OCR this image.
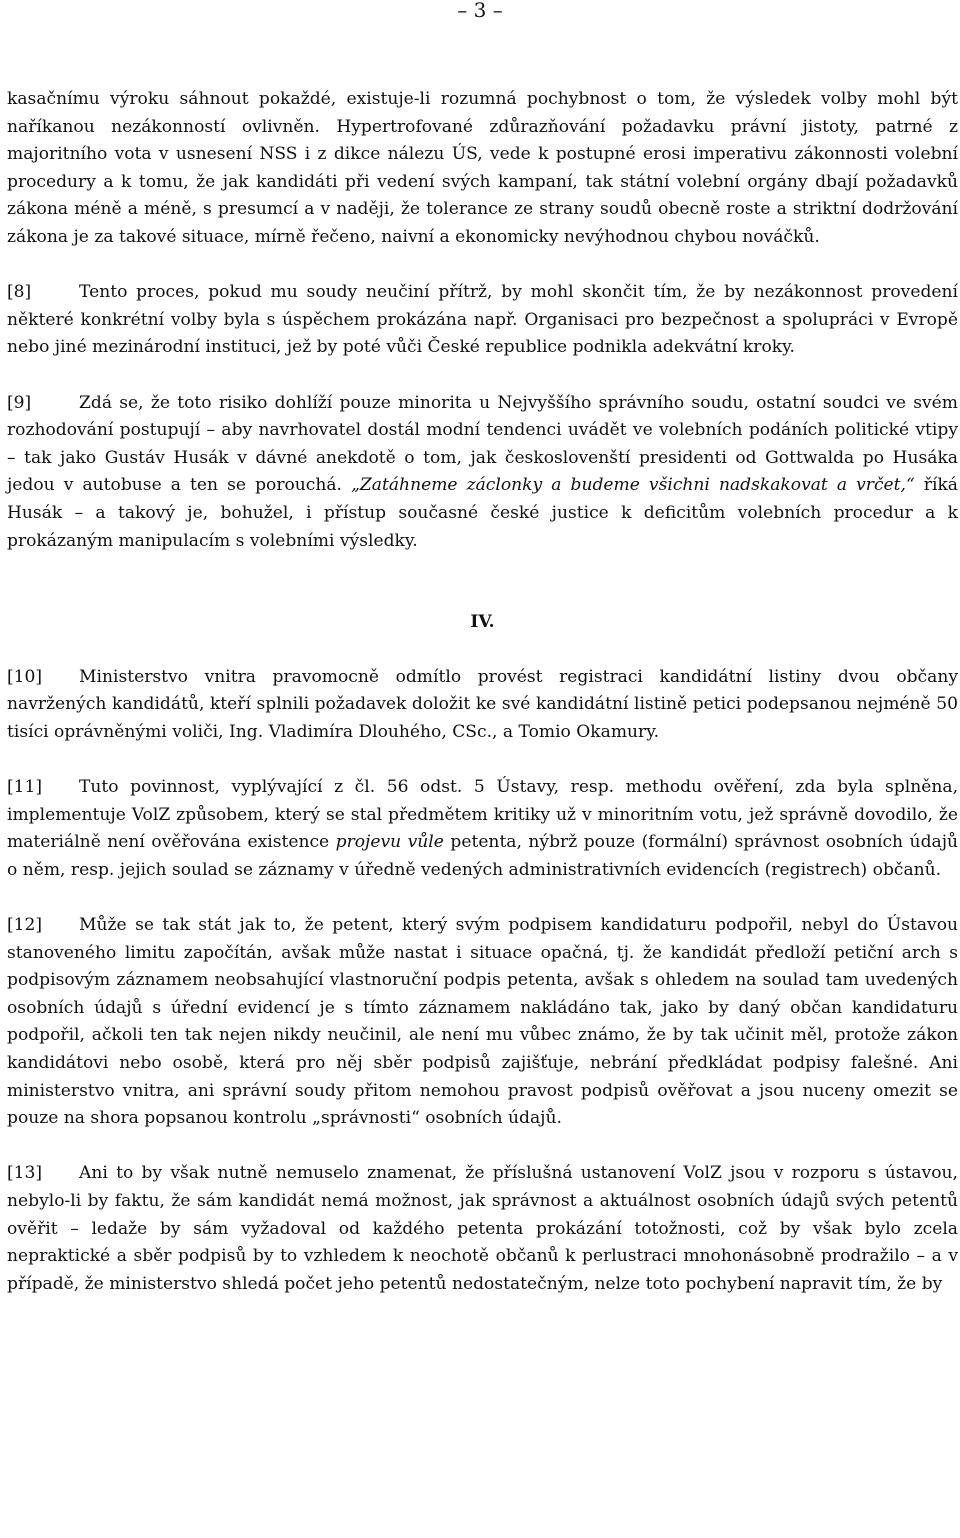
– 3 –

kasačnímu výroku sáhnout pokaždé, existuje-li rozumná pochybnost o tom, že výsledek volby mohl být naříkanou nezákonností ovlivněn. Hypertrofované zdůrazňování požadavku právní jistoty, patrné z majoritního vota v usnesení NSS i z dikce nálezu ÚS, vede k postupné erosi imperativu zákonnosti volební procedury a k tomu, že jak kandidáti při vedení svých kampaní, tak státní volební orgány dbají požadavků zákona méně a méně, s presumcí a v naději, že tolerance ze strany soudů obecně roste a striktní dodržování zákona je za takové situace, mírně řečeno, naivní a ekonomicky nevýhodnou chybou nováčků.

[8]	Tento proces, pokud mu soudy neučiní přítrž, by mohl skončit tím, že by nezákonnost provedení některé konkrétní volby byla s úspěchem prokázána např. Organisaci pro bezpečnost a spolupráci v Evropě nebo jiné mezinárodní instituci, jež by poté vůči České republice podnikla adekvátní kroky.

[9]	Zdá se, že toto risiko dohlíží pouze minorita u Nejvyššího správního soudu, ostatní soudci ve svém rozhodování postupují – aby navrhovatel dostál modní tendenci uvádět ve volebních podáních politické vtipy – tak jako Gustáv Husák v dávné anekdotě o tom, jak českoslovenští presidenti od Gottwalda po Husáka jedou v autobuse a ten se porouchá. „Zatáhneme záclonky a budeme všichni nadskakovat a vrčet,“ říká Husák – a takový je, bohužel, i přístup současné české justice k deficitům volebních procedur a k prokázaným manipulacím s volebními výsledky.

IV.

[10] Ministerstvo vnitra pravomocně odmítlo provést registraci kandidátní listiny dvou občany navržených kandidátů, kteří splnili požadavek doložit ke své kandidátní listině petici podepsanou nejméně 50 tisíci oprávněnými voliči, Ing. Vladimíra Dlouhého, CSc., a Tomio Okamury.

[11] Tuto povinnost, vyplývající z čl. 56 odst. 5 Ústavy, resp. methodu ověření, zda byla splněna, implementuje VolZ způsobem, který se stal předmětem kritiky už v minoritním votu, jež správně dovodilo, že materiálně není ověřována existence projevu vůle petenta, nýbrž pouze (formální) správnost osobních údajů o něm, resp. jejich soulad se záznamy v úředně vedených administrativních evidencích (registrech) občanů.

[12] Může se tak stát jak to, že petent, který svým podpisem kandidaturu podpořil, nebyl do Ústavou stanoveného limitu započítán, avšak může nastat i situace opačná, tj. že kandidát předloží petiční arch s podpisovým záznamem neobsahující vlastnoruční podpis petenta, avšak s ohledem na soulad tam uvedených osobních údajů s úřední evidencí je s tímto záznamem nakládáno tak, jako by daný občan kandidaturu podpořil, ačkoli ten tak nejen nikdy neučinil, ale není mu vůbec známo, že by tak učinit měl, protože zákon kandidátovi nebo osobě, která pro něj sběr podpisů zajišťuje, nebrání předkládat podpisy falešné. Ani ministerstvo vnitra, ani správní soudy přitom nemohou pravost podpisů ověřovat a jsou nuceny omezit se pouze na shora popsanou kontrolu „správnosti“ osobních údajů.

[13] Ani to by však nutně nemuselo znamenat, že příslušná ustanovení VolZ jsou v rozporu s ústavou, nebylo-li by faktu, že sám kandidát nemá možnost, jak správnost a aktuálnost osobních údajů svých petentů ověřit – ledaže by sám vyžadoval od každého petenta prokázání totožnosti, což by však bylo zcela nepraktické a sběr podpisů by to vzhledem k neochotě občanů k perlustraci mnohonásobně prodražilo – a v případě, že ministerstvo shledá počet jeho petentů nedostatečným, nelze toto pochybení napravit tím, že by
